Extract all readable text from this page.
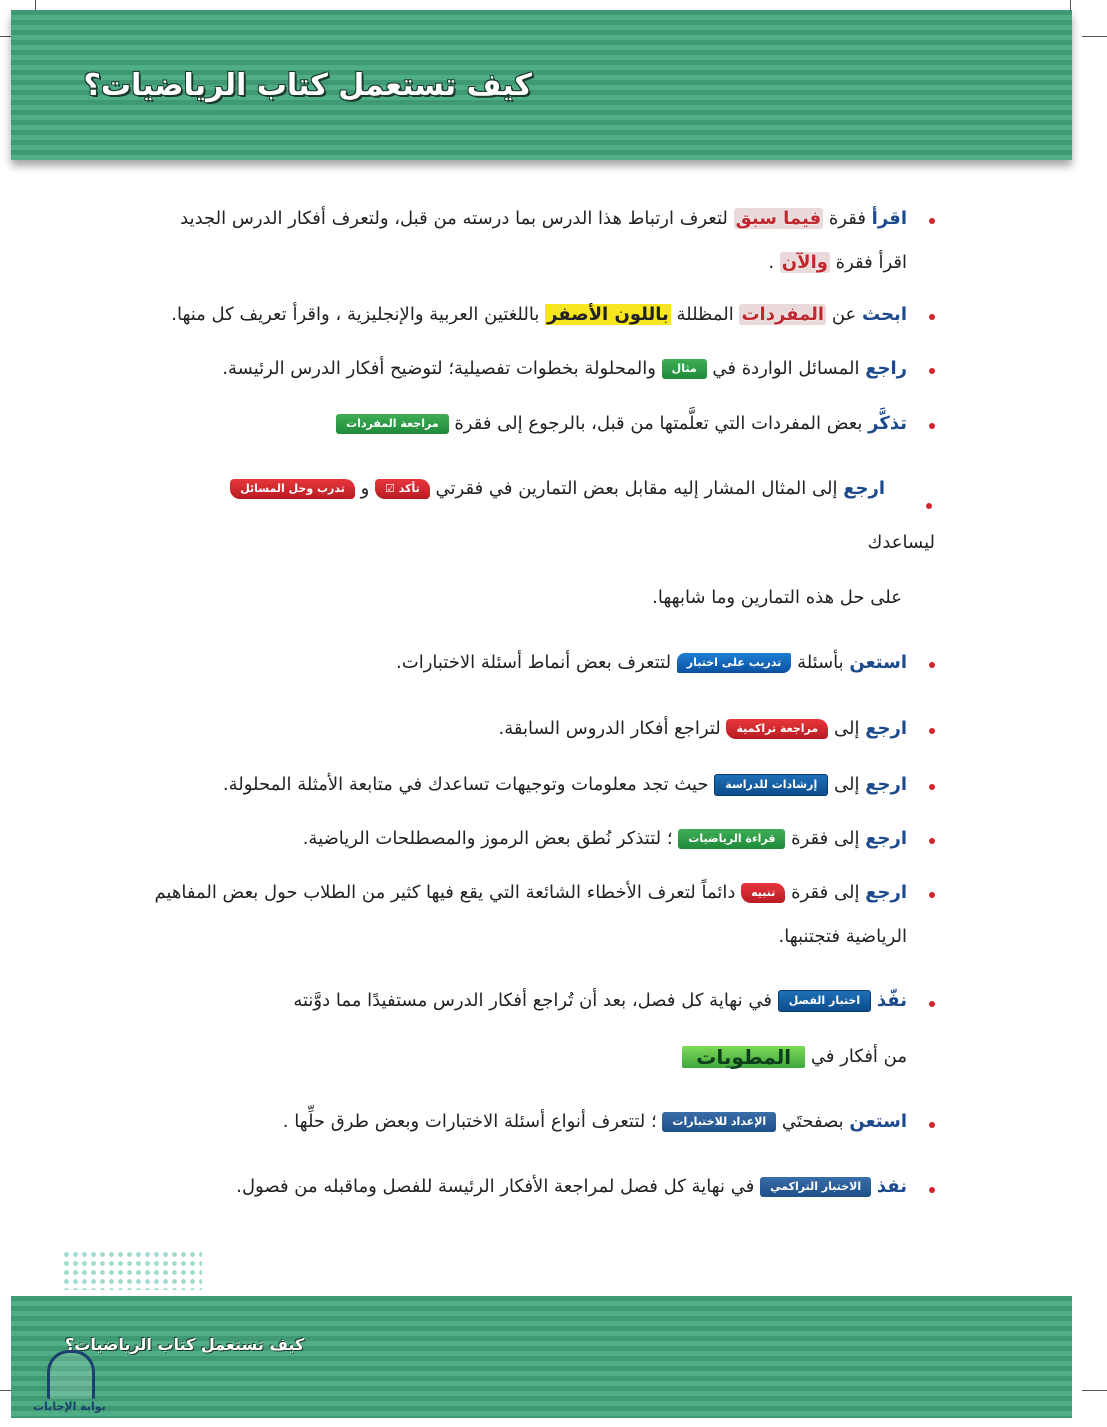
كيف تستعمل كتاب الرياضيات؟
اقرأ فقرة فيما سبق لتعرف ارتباط هذا الدرس بما درسته من قبل، ولتعرف أفكار الدرس الجديد
اقرأ فقرة والآن .
ابحث عن المفردات المظللة باللون الأصفر باللغتين العربية والإنجليزية ، واقرأ تعريف كل منها.
راجع المسائل الواردة في مثال والمحلولة بخطوات تفصيلية؛ لتوضيح أفكار الدرس الرئيسة.
تذكَّر بعض المفردات التي تعلَّمتها من قبل، بالرجوع إلى فقرة مراجعة المفردات
ارجع إلى المثال المشار إليه مقابل بعض التمارين في فقرتي تأكد ☑ و تدرب وحل المسائل
ليساعدك
على حل هذه التمارين وما شابهها.
استعن بأسئلة تدريب على اختبار لتتعرف بعض أنماط أسئلة الاختبارات.
ارجع إلى مراجعة تراكمية لتراجع أفكار الدروس السابقة.
ارجع إلى إرشادات للدراسة حيث تجد معلومات وتوجيهات تساعدك في متابعة الأمثلة المحلولة.
ارجع إلى فقرة قراءة الرياضيات ؛ لتتذكر نُطق بعض الرموز والمصطلحات الرياضية.
ارجع إلى فقرة تنبيه دائماً لتعرف الأخطاء الشائعة التي يقع فيها كثير من الطلاب حول بعض المفاهيم
الرياضية فتجتنبها.
نفّذ اختبار الفصل في نهاية كل فصل، بعد أن تُراجع أفكار الدرس مستفيدًا مما دوَّنته
من أفكار في المطويات
استعن بصفحتَي الإعداد للاختبارات ؛ لتتعرف أنواع أسئلة الاختبارات وبعض طرق حلِّها .
نفذ الاختبار التراكمي في نهاية كل فصل لمراجعة الأفكار الرئيسة للفصل وماقبله من فصول.
كيف تستعمل كتاب الرياضيات؟
بوابة الإجابات
